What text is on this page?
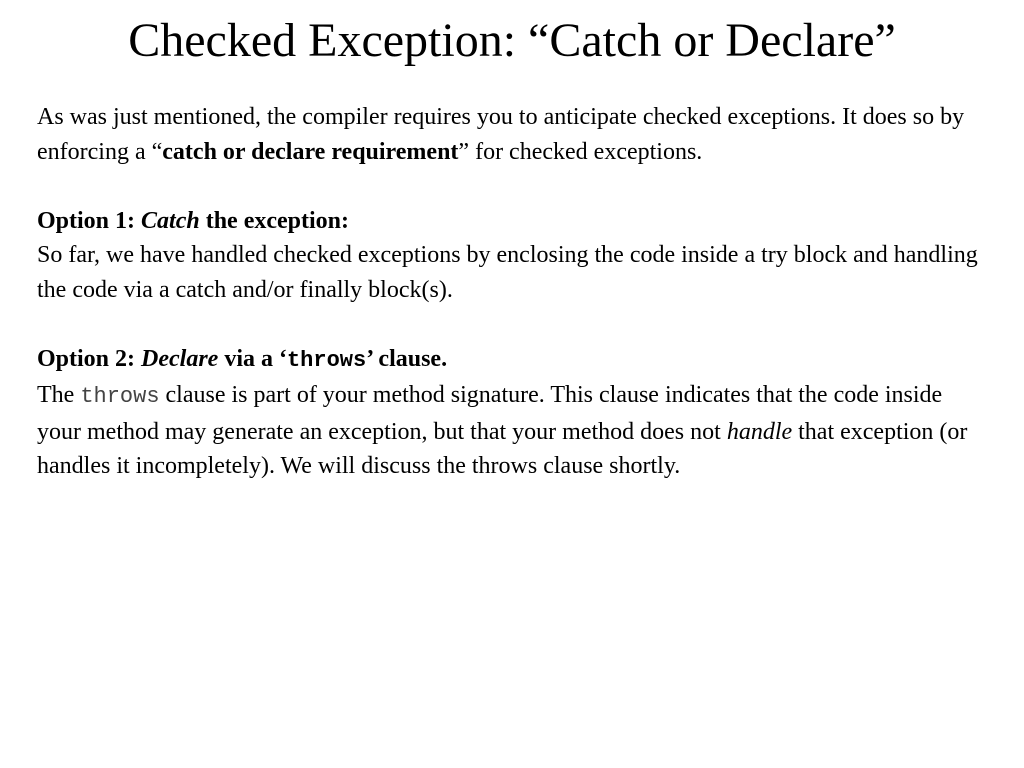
Checked Exception: “Catch or Declare”

As was just mentioned, the compiler requires you to anticipate checked exceptions. It does so by enforcing a “catch or declare requirement” for checked exceptions.

Option 1: Catch the exception:

So far, we have handled checked exceptions by enclosing the code inside a try block and handling the code via a catch and/or finally block(s).

Option 2: Declare via a ‘throws’ clause.

The throws clause is part of your method signature. This clause indicates that the code inside your method may generate an exception, but that your method does not handle that exception (or handles it incompletely). We will discuss the throws clause shortly.
